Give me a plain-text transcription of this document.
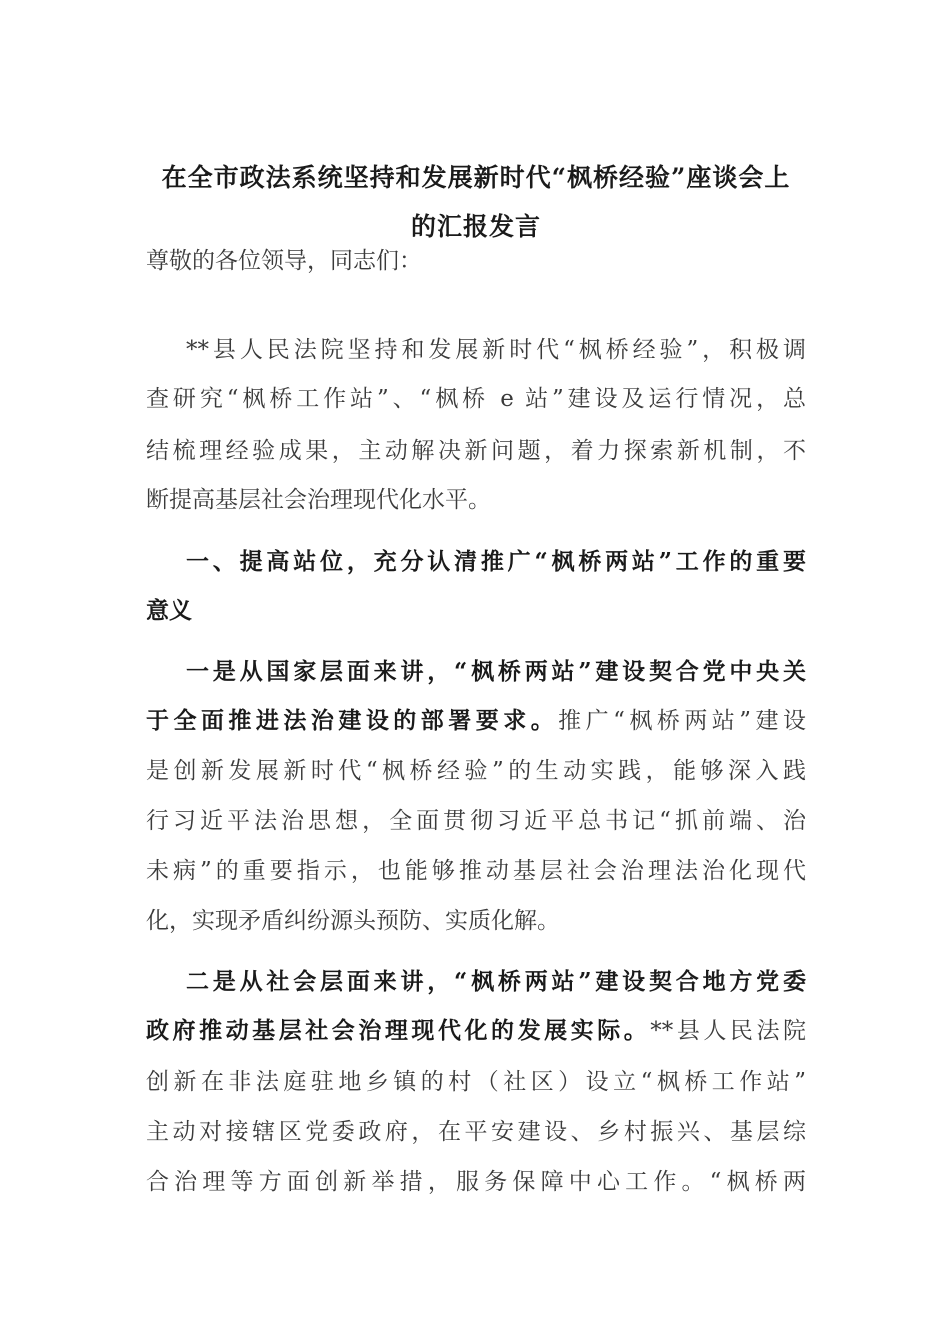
在全市政法系统坚持和发展新时代“枫桥经验”座谈会上
的汇报发言
尊敬的各位领导，同志们：
**县人民法院坚持和发展新时代“枫桥经验”，积极调
查研究“枫桥工作站”、“枫桥 e 站”建设及运行情况，总
结梳理经验成果，主动解决新问题，着力探索新机制，不
断提高基层社会治理现代化水平。
一、提高站位，充分认清推广“枫桥两站”工作的重要
意义
一是从国家层面来讲，“枫桥两站”建设契合党中央关
于全面推进法治建设的部署要求。推广“枫桥两站”建设
是创新发展新时代“枫桥经验”的生动实践，能够深入践
行习近平法治思想，全面贯彻习近平总书记“抓前端、治
未病”的重要指示，也能够推动基层社会治理法治化现代
化，实现矛盾纠纷源头预防、实质化解。
二是从社会层面来讲，“枫桥两站”建设契合地方党委
政府推动基层社会治理现代化的发展实际。**县人民法院
创新在非法庭驻地乡镇的村（社区）设立“枫桥工作站”
主动对接辖区党委政府，在平安建设、乡村振兴、基层综
合治理等方面创新举措，服务保障中心工作。“枫桥两
